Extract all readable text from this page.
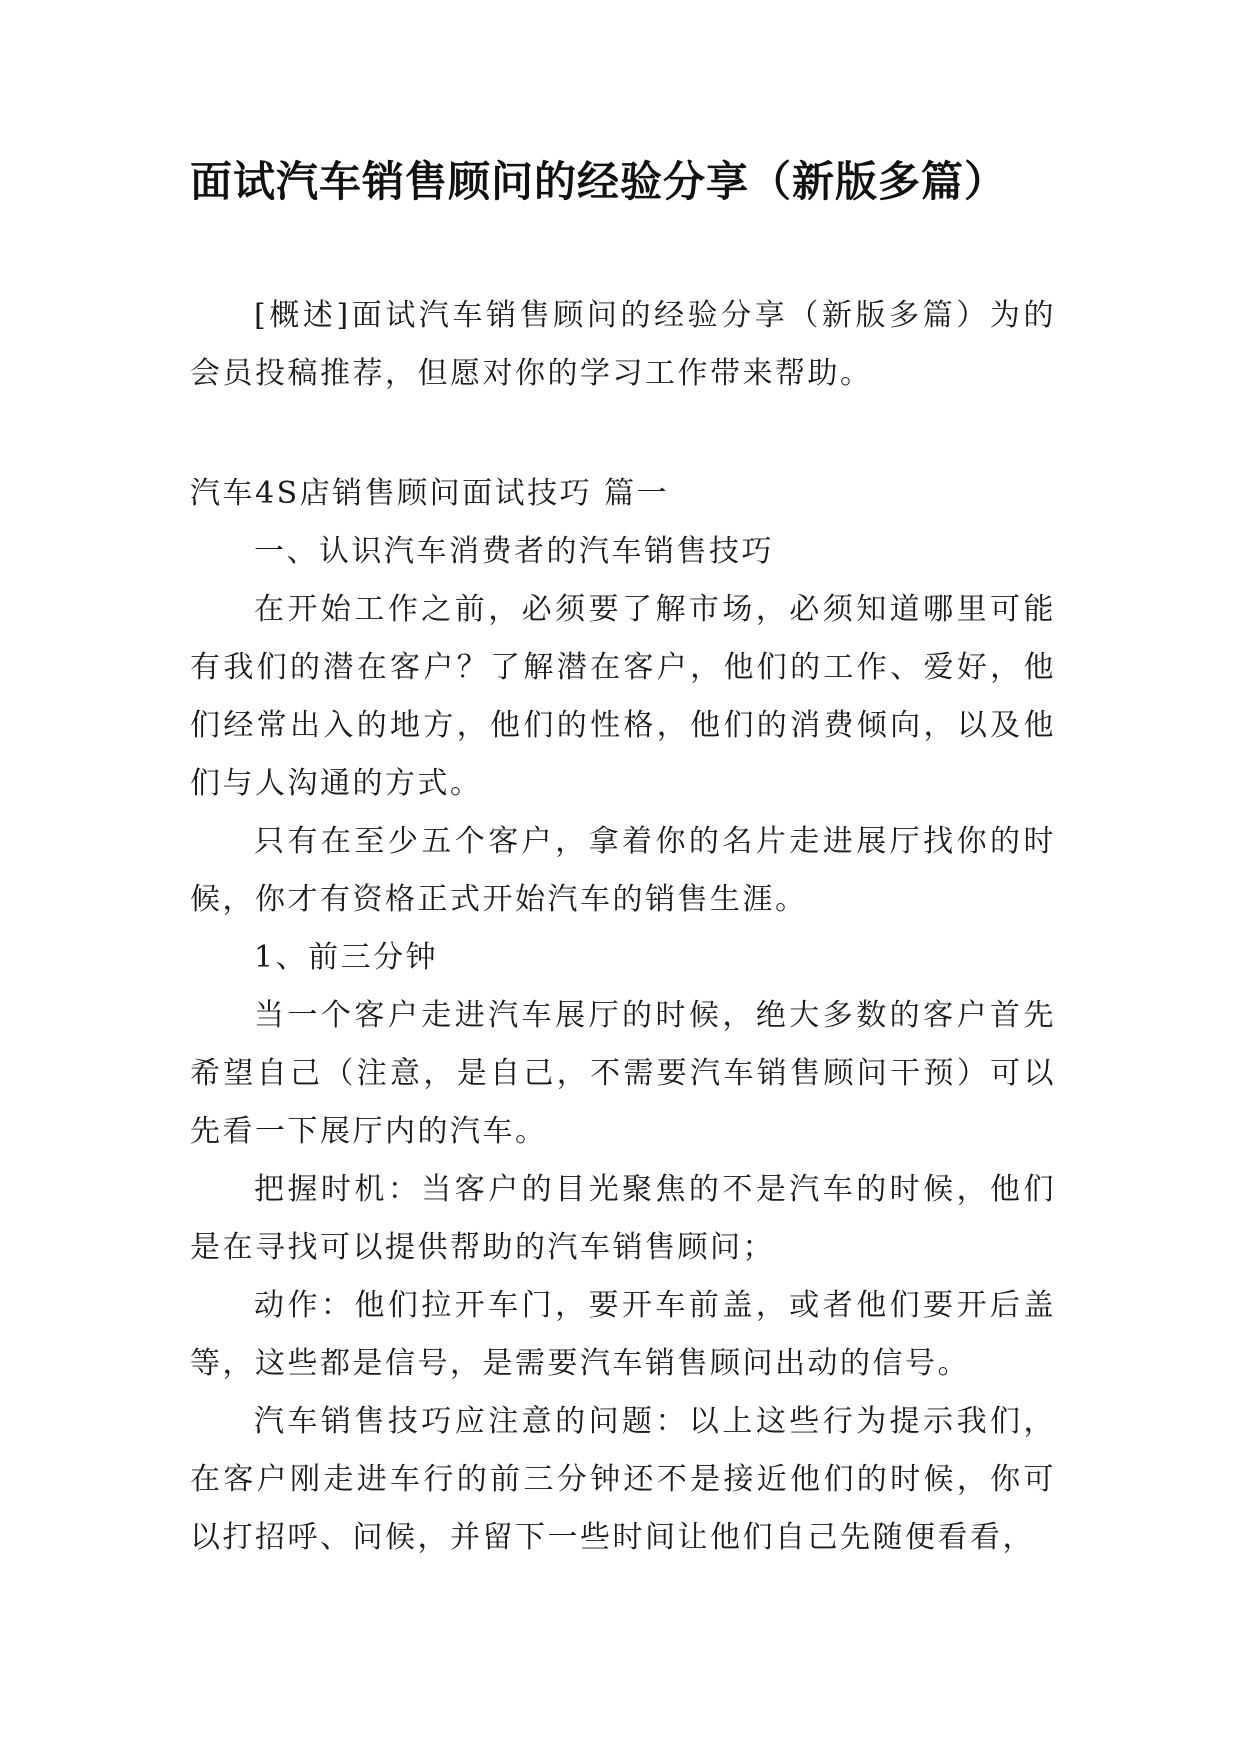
面试汽车销售顾问的经验分享（新版多篇）

[概述]面试汽车销售顾问的经验分享（新版多篇）为的会员投稿推荐，但愿对你的学习工作带来帮助。

汽车4S店销售顾问面试技巧 篇一

一、认识汽车消费者的汽车销售技巧

在开始工作之前，必须要了解市场，必须知道哪里可能有我们的潜在客户？了解潜在客户，他们的工作、爱好，他们经常出入的地方，他们的性格，他们的消费倾向，以及他们与人沟通的方式。

只有在至少五个客户，拿着你的名片走进展厅找你的时候，你才有资格正式开始汽车的销售生涯。

1、前三分钟

当一个客户走进汽车展厅的时候，绝大多数的客户首先希望自己（注意，是自己，不需要汽车销售顾问干预）可以先看一下展厅内的汽车。

把握时机：当客户的目光聚焦的不是汽车的时候，他们是在寻找可以提供帮助的汽车销售顾问；

动作：他们拉开车门，要开车前盖，或者他们要开后盖等，这些都是信号，是需要汽车销售顾问出动的信号。

汽车销售技巧应注意的问题：以上这些行为提示我们，在客户刚走进车行的前三分钟还不是接近他们的时候，你可以打招呼、问候，并留下一些时间让他们自己先随便看看，
